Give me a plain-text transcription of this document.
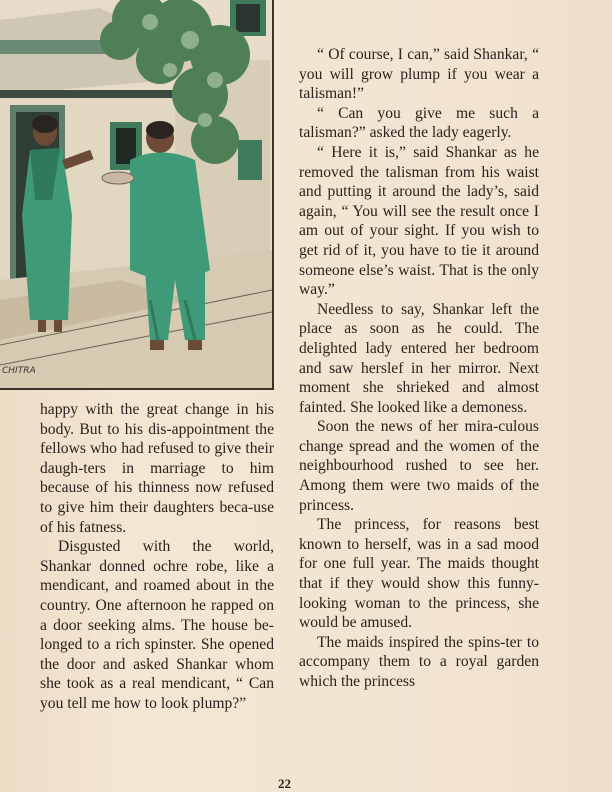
CHITRA

happy with the great change in his body. But to his dis-appointment the fellows who had refused to give their daugh-ters in marriage to him because of his thinness now refused to give him their daughters beca-use of his fatness.

Disgusted with the world, Shankar donned ochre robe, like a mendicant, and roamed about in the country. One afternoon he rapped on a door seeking alms. The house be-longed to a rich spinster. She opened the door and asked Shankar whom she took as a real mendicant, “ Can you tell me how to look plump?”

“ Of course, I can,” said Shankar, “ you will grow plump if you wear a talisman!”

“ Can you give me such a talisman?” asked the lady eagerly.

“ Here it is,” said Shankar as he removed the talisman from his waist and putting it around the lady’s, said again, “ You will see the result once I am out of your sight. If you wish to get rid of it, you have to tie it around someone else’s waist. That is the only way.”

Needless to say, Shankar left the place as soon as he could. The delighted lady entered her bedroom and saw herslef in her mirror. Next moment she shrieked and almost fainted. She looked like a demoness.

Soon the news of her mira-culous change spread and the women of the neighbourhood rushed to see her. Among them were two maids of the princess.

The princess, for reasons best known to herself, was in a sad mood for one full year. The maids thought that if they would show this funny-looking woman to the princess, she would be amused.

The maids inspired the spins-ter to accompany them to a royal garden which the princess

22
